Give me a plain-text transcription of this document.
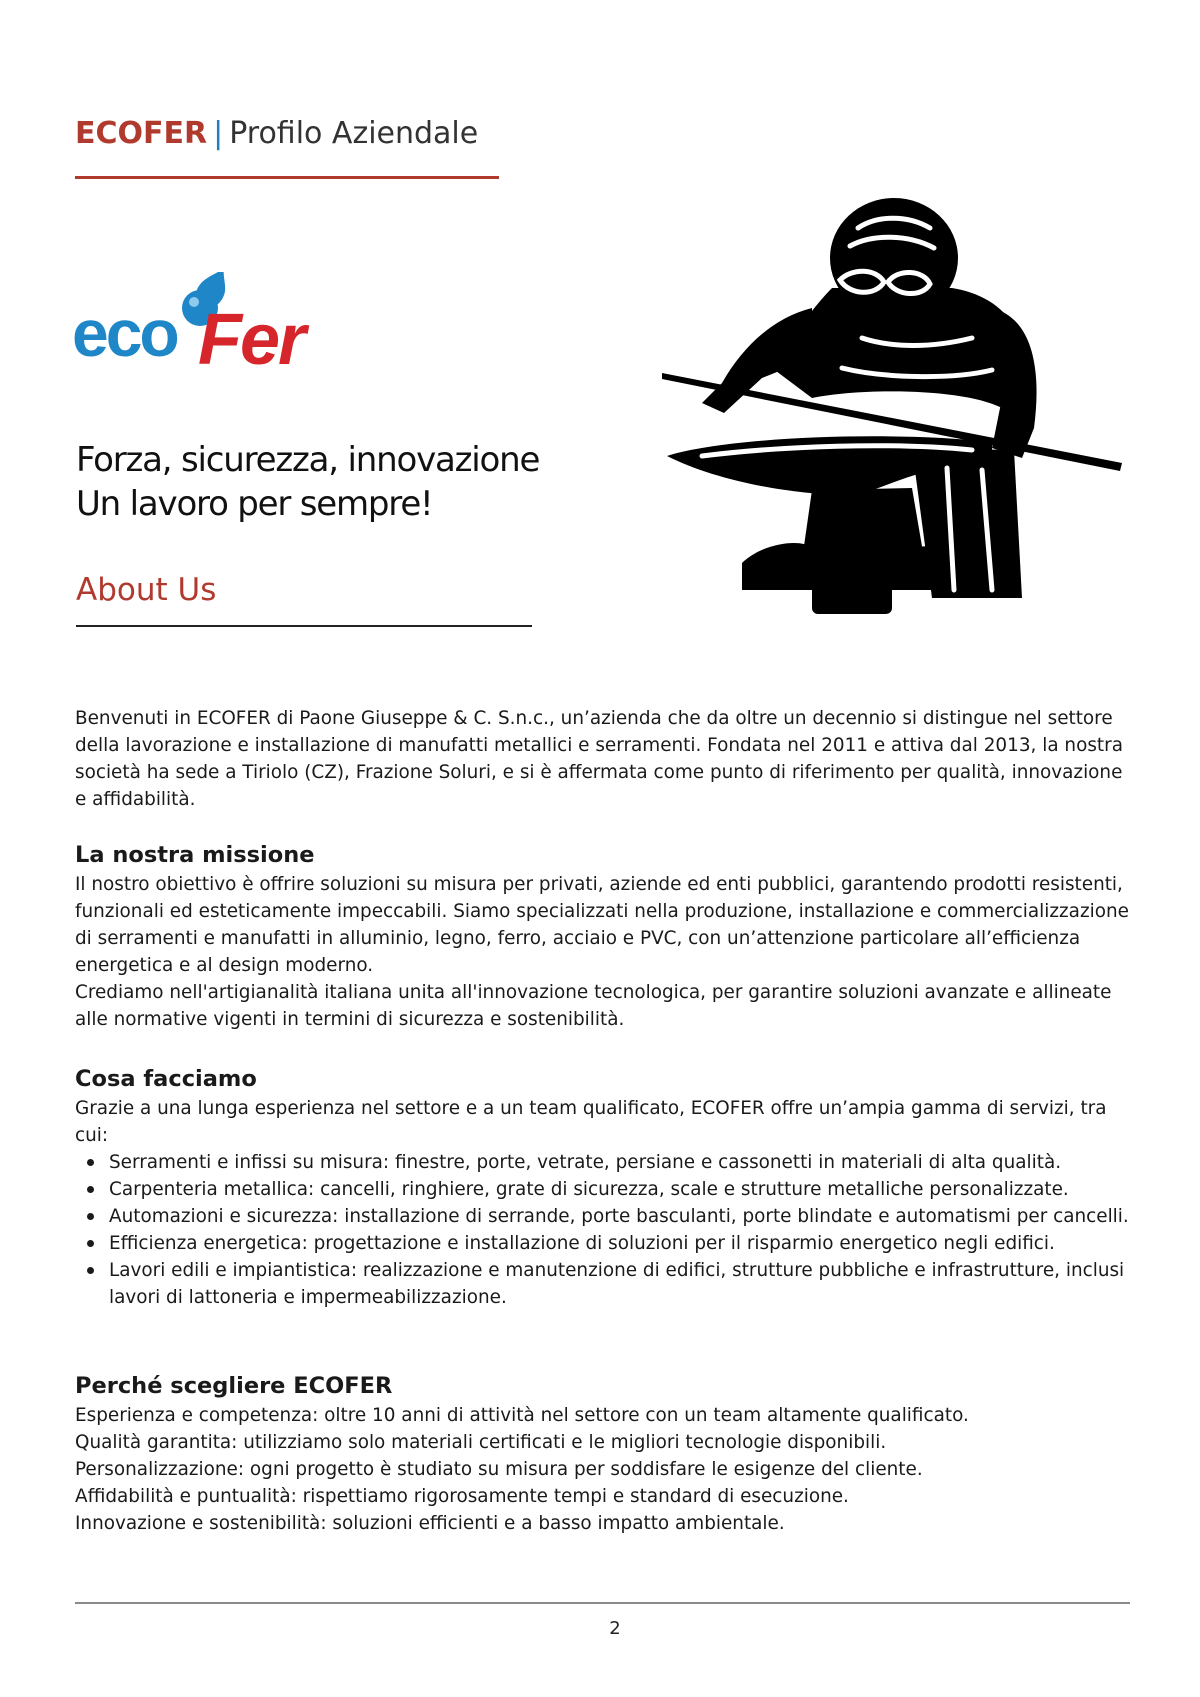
ECOFER | Profilo Aziendale
eco Fer
Forza, sicurezza, innovazione
Un lavoro per sempre!
About Us

Benvenuti in ECOFER di Paone Giuseppe & C. S.n.c., un’azienda che da oltre un decennio si distingue nel settore della lavorazione e installazione di manufatti metallici e serramenti. Fondata nel 2011 e attiva dal 2013, la nostra società ha sede a Tiriolo (CZ), Frazione Soluri, e si è affermata come punto di riferimento per qualità, innovazione e affidabilità.

La nostra missione

Il nostro obiettivo è offrire soluzioni su misura per privati, aziende ed enti pubblici, garantendo prodotti resistenti, funzionali ed esteticamente impeccabili. Siamo specializzati nella produzione, installazione e commercializzazione di serramenti e manufatti in alluminio, legno, ferro, acciaio e PVC, con un’attenzione particolare all’efficienza energetica e al design moderno.

Crediamo nell'artigianalità italiana unita all'innovazione tecnologica, per garantire soluzioni avanzate e allineate alle normative vigenti in termini di sicurezza e sostenibilità.

Cosa facciamo

Grazie a una lunga esperienza nel settore e a un team qualificato, ECOFER offre un’ampia gamma di servizi, tra cui:

Serramenti e infissi su misura: finestre, porte, vetrate, persiane e cassonetti in materiali di alta qualità.
Carpenteria metallica: cancelli, ringhiere, grate di sicurezza, scale e strutture metalliche personalizzate.
Automazioni e sicurezza: installazione di serrande, porte basculanti, porte blindate e automatismi per cancelli.
Efficienza energetica: progettazione e installazione di soluzioni per il risparmio energetico negli edifici.
Lavori edili e impiantistica: realizzazione e manutenzione di edifici, strutture pubbliche e infrastrutture, inclusi lavori di lattoneria e impermeabilizzazione.
Perché scegliere ECOFER

Esperienza e competenza: oltre 10 anni di attività nel settore con un team altamente qualificato.

Qualità garantita: utilizziamo solo materiali certificati e le migliori tecnologie disponibili.

Personalizzazione: ogni progetto è studiato su misura per soddisfare le esigenze del cliente.

Affidabilità e puntualità: rispettiamo rigorosamente tempi e standard di esecuzione.

Innovazione e sostenibilità: soluzioni efficienti e a basso impatto ambientale.

2
